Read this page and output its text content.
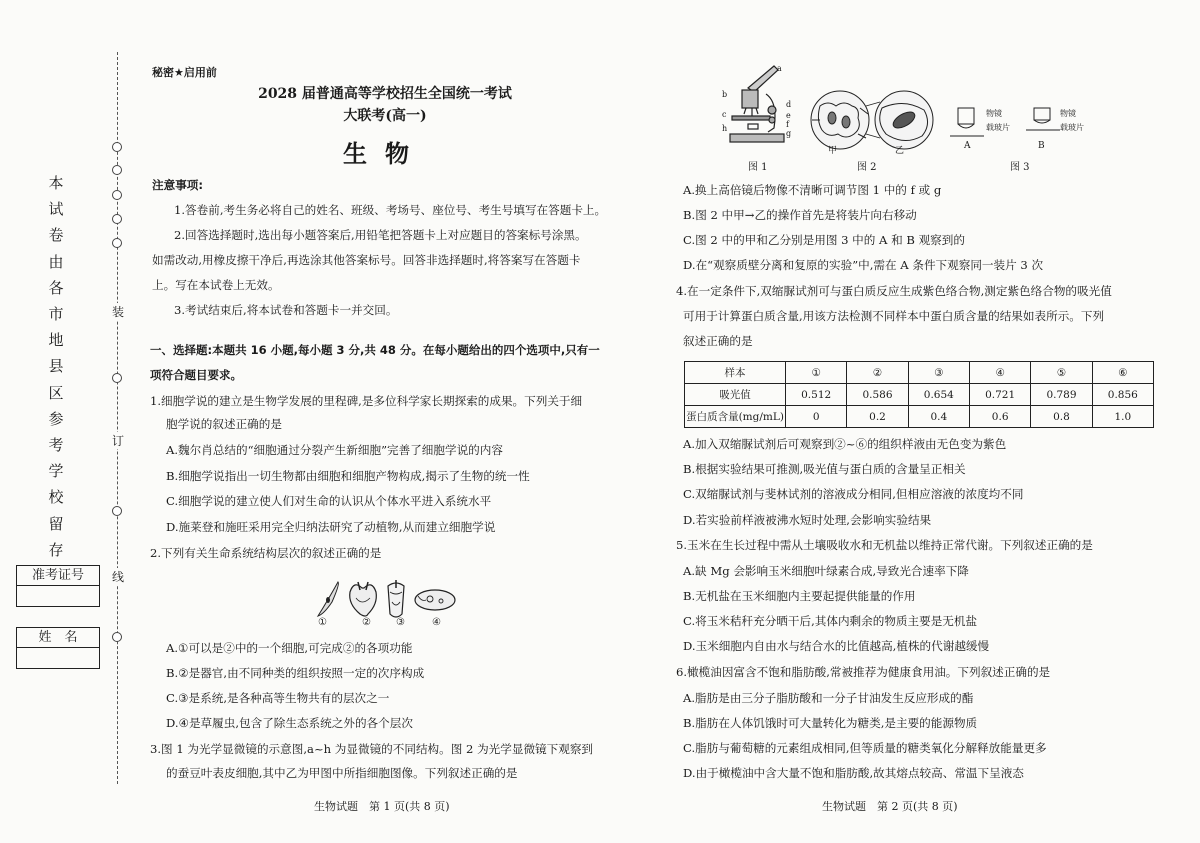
本
试
卷
由
各
市
地
县
区
参
考
学
校
留
存
装
订
线
准考证号
姓　名
秘密★启用前
2028 届普通高等学校招生全国统一考试
大联考(高一)
生物
注意事项:
1.答卷前,考生务必将自己的姓名、班级、考场号、座位号、考生号填写在答题卡上。
2.回答选择题时,选出每小题答案后,用铅笔把答题卡上对应题目的答案标号涂黑。
如需改动,用橡皮擦干净后,再选涂其他答案标号。回答非选择题时,将答案写在答题卡
上。写在本试卷上无效。
3.考试结束后,将本试卷和答题卡一并交回。
一、选择题:本题共 16 小题,每小题 3 分,共 48 分。在每小题给出的四个选项中,只有一
项符合题目要求。
1.细胞学说的建立是生物学发展的里程碑,是多位科学家长期探索的成果。下列关于细
胞学说的叙述正确的是
A.魏尔肖总结的“细胞通过分裂产生新细胞”完善了细胞学说的内容
B.细胞学说指出一切生物都由细胞和细胞产物构成,揭示了生物的统一性
C.细胞学说的建立使人们对生命的认识从个体水平进入系统水平
D.施莱登和施旺采用完全归纳法研究了动植物,从而建立细胞学说
2.下列有关生命系统结构层次的叙述正确的是
①	②	③	④
A.①可以是②中的一个细胞,可完成②的各项功能
B.②是器官,由不同种类的组织按照一定的次序构成
C.③是系统,是各种高等生物共有的层次之一
D.④是草履虫,包含了除生态系统之外的各个层次
3.图 1 为光学显微镜的示意图,a~h 为显微镜的不同结构。图 2 为光学显微镜下观察到
的蚕豆叶表皮细胞,其中乙为甲图中所指细胞图像。下列叙述正确的是
生物试题　第 1 页(共 8 页)
a
b
c
d
e
f
g
h
图 1
甲	乙
图 2
物镜
载玻片
物镜
载玻片
A	B
图 3
A.换上高倍镜后物像不清晰可调节图 1 中的 f 或 g
B.图 2 中甲→乙的操作首先是将装片向右移动
C.图 2 中的甲和乙分别是用图 3 中的 A 和 B 观察到的
D.在“观察质壁分离和复原的实验”中,需在 A 条件下观察同一装片 3 次
4.在一定条件下,双缩脲试剂可与蛋白质反应生成紫色络合物,测定紫色络合物的吸光值
可用于计算蛋白质含量,用该方法检测不同样本中蛋白质含量的结果如表所示。下列
叙述正确的是
样本	①	②	③	④	⑤	⑥
吸光值	0.512	0.586	0.654	0.721	0.789	0.856
蛋白质含量(mg/mL)	0	0.2	0.4	0.6	0.8	1.0
A.加入双缩脲试剂后可观察到②~⑥的组织样液由无色变为紫色
B.根据实验结果可推测,吸光值与蛋白质的含量呈正相关
C.双缩脲试剂与斐林试剂的溶液成分相同,但相应溶液的浓度均不同
D.若实验前样液被沸水短时处理,会影响实验结果
5.玉米在生长过程中需从土壤吸收水和无机盐以维持正常代谢。下列叙述正确的是
A.缺 Mg 会影响玉米细胞叶绿素合成,导致光合速率下降
B.无机盐在玉米细胞内主要起提供能量的作用
C.将玉米秸秆充分晒干后,其体内剩余的物质主要是无机盐
D.玉米细胞内自由水与结合水的比值越高,植株的代谢越缓慢
6.橄榄油因富含不饱和脂肪酸,常被推荐为健康食用油。下列叙述正确的是
A.脂肪是由三分子脂肪酸和一分子甘油发生反应形成的酯
B.脂肪在人体饥饿时可大量转化为糖类,是主要的能源物质
C.脂肪与葡萄糖的元素组成相同,但等质量的糖类氧化分解释放能量更多
D.由于橄榄油中含大量不饱和脂肪酸,故其熔点较高、常温下呈液态
生物试题　第 2 页(共 8 页)
